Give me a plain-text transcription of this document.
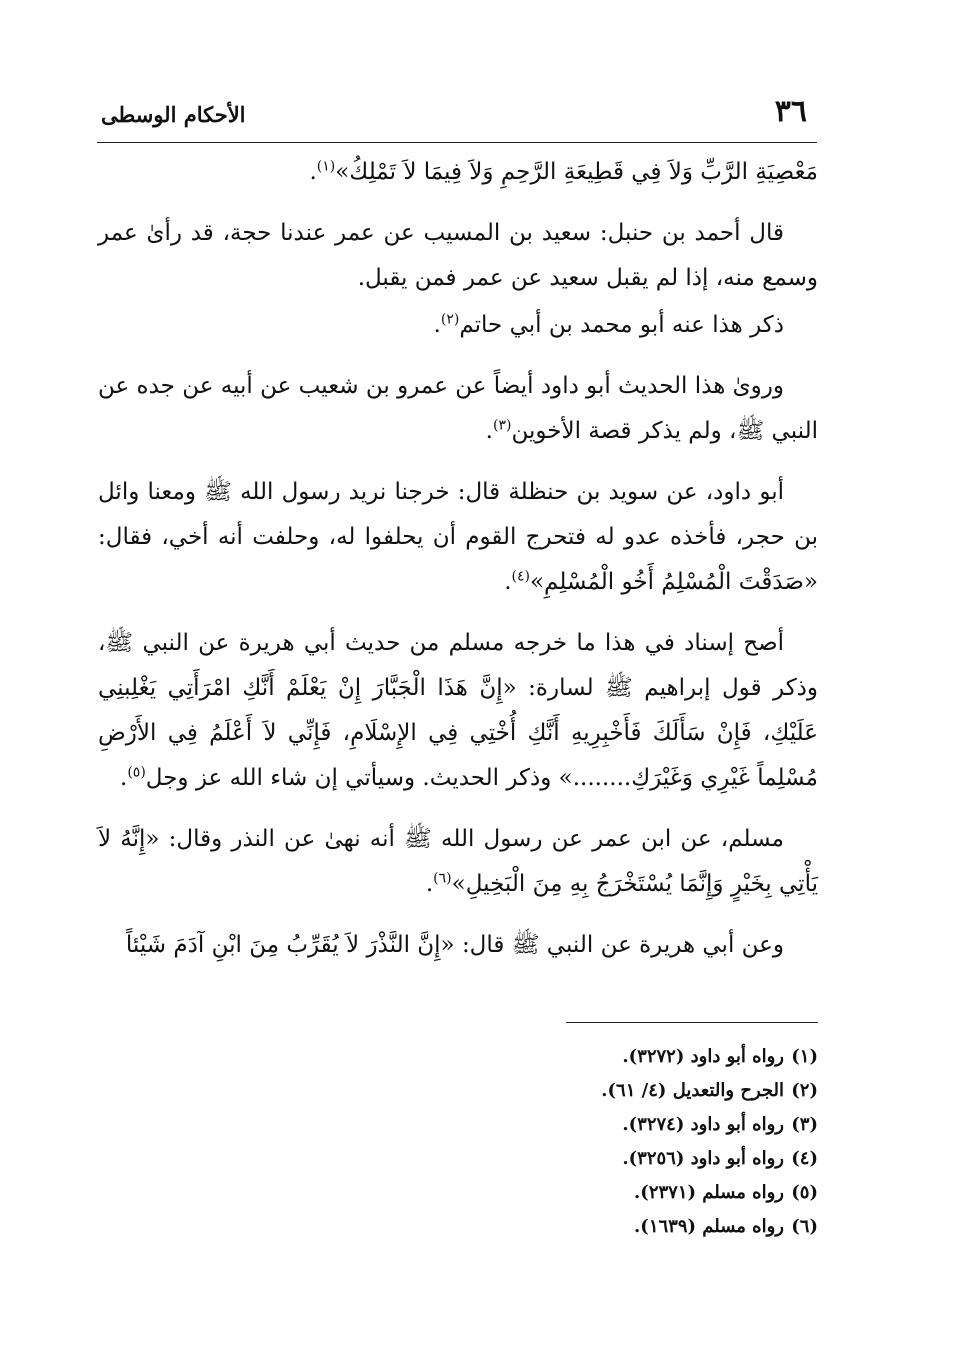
٣٦
الأحكام الوسطى

مَعْصِيَةِ الرَّبِّ وَلاَ فِي قَطِيعَةِ الرَّحِمِ وَلاَ فِيمَا لاَ تَمْلِكُ»$^{(١)}$.

قال أحمد بن حنبل: سعيد بن المسيب عن عمر عندنا حجة، قد رأىٰ عمر وسمع منه، إذا لم يقبل سعيد عن عمر فمن يقبل.

ذكر هذا عنه أبو محمد بن أبي حاتم$^{(٢)}$.

ورویٰ هذا الحديث أبو داود أيضاً عن عمرو بن شعيب عن أبيه عن جده عن النبي ﷺ، ولم يذكر قصة الأخوين$^{(٣)}$.

أبو داود، عن سويد بن حنظلة قال: خرجنا نريد رسول الله ﷺ ومعنا وائل بن حجر، فأخذه عدو له فتحرج القوم أن يحلفوا له، وحلفت أنه أخي، فقال: «صَدَقْتَ الْمُسْلِمُ أَخُو الْمُسْلِمِ»$^{(٤)}$.

أصح إسناد في هذا ما خرجه مسلم من حديث أبي هريرة عن النبي ﷺ، وذكر قول إبراهيم ﷺ لسارة: «إِنَّ هَذَا الْجَبَّارَ إِنْ يَعْلَمْ أَنَّكِ امْرَأَتِي يَغْلِبنِي عَلَيْكِ، فَإِنْ سَأَلَكَ فَأَخْبِرِيهِ أَنَّكِ أُخْتِي فِي الإِسْلَامِ، فَإِنِّي لاَ أَعْلَمُ فِي الأَرْضِ مُسْلِماً غَيْرِي وَغَيْرَكِ........» وذكر الحديث. وسيأتي إن شاء الله عز وجل$^{(٥)}$.

مسلم، عن ابن عمر عن رسول الله ﷺ أنه نهىٰ عن النذر وقال: «إِنَّهُ لاَ يَأْتِي بِخَيْرٍ وَإِنَّمَا يُسْتَخْرَجُ بِهِ مِنَ الْبَخِيلِ»$^{(٦)}$.

وعن أبي هريرة عن النبي ﷺ قال: «إِنَّ النَّذْرَ لاَ يُقَرِّبُ مِنَ ابْنِ آدَمَ شَيْئاً

(١)رواه أبو داود (٣٢٧٢).
(٢)الجرح والتعديل (٤/ ٦١).
(٣)رواه أبو داود (٣٢٧٤).
(٤)رواه أبو داود (٣٢٥٦).
(٥)رواه مسلم (٢٣٧١).
(٦)رواه مسلم (١٦٣٩).
